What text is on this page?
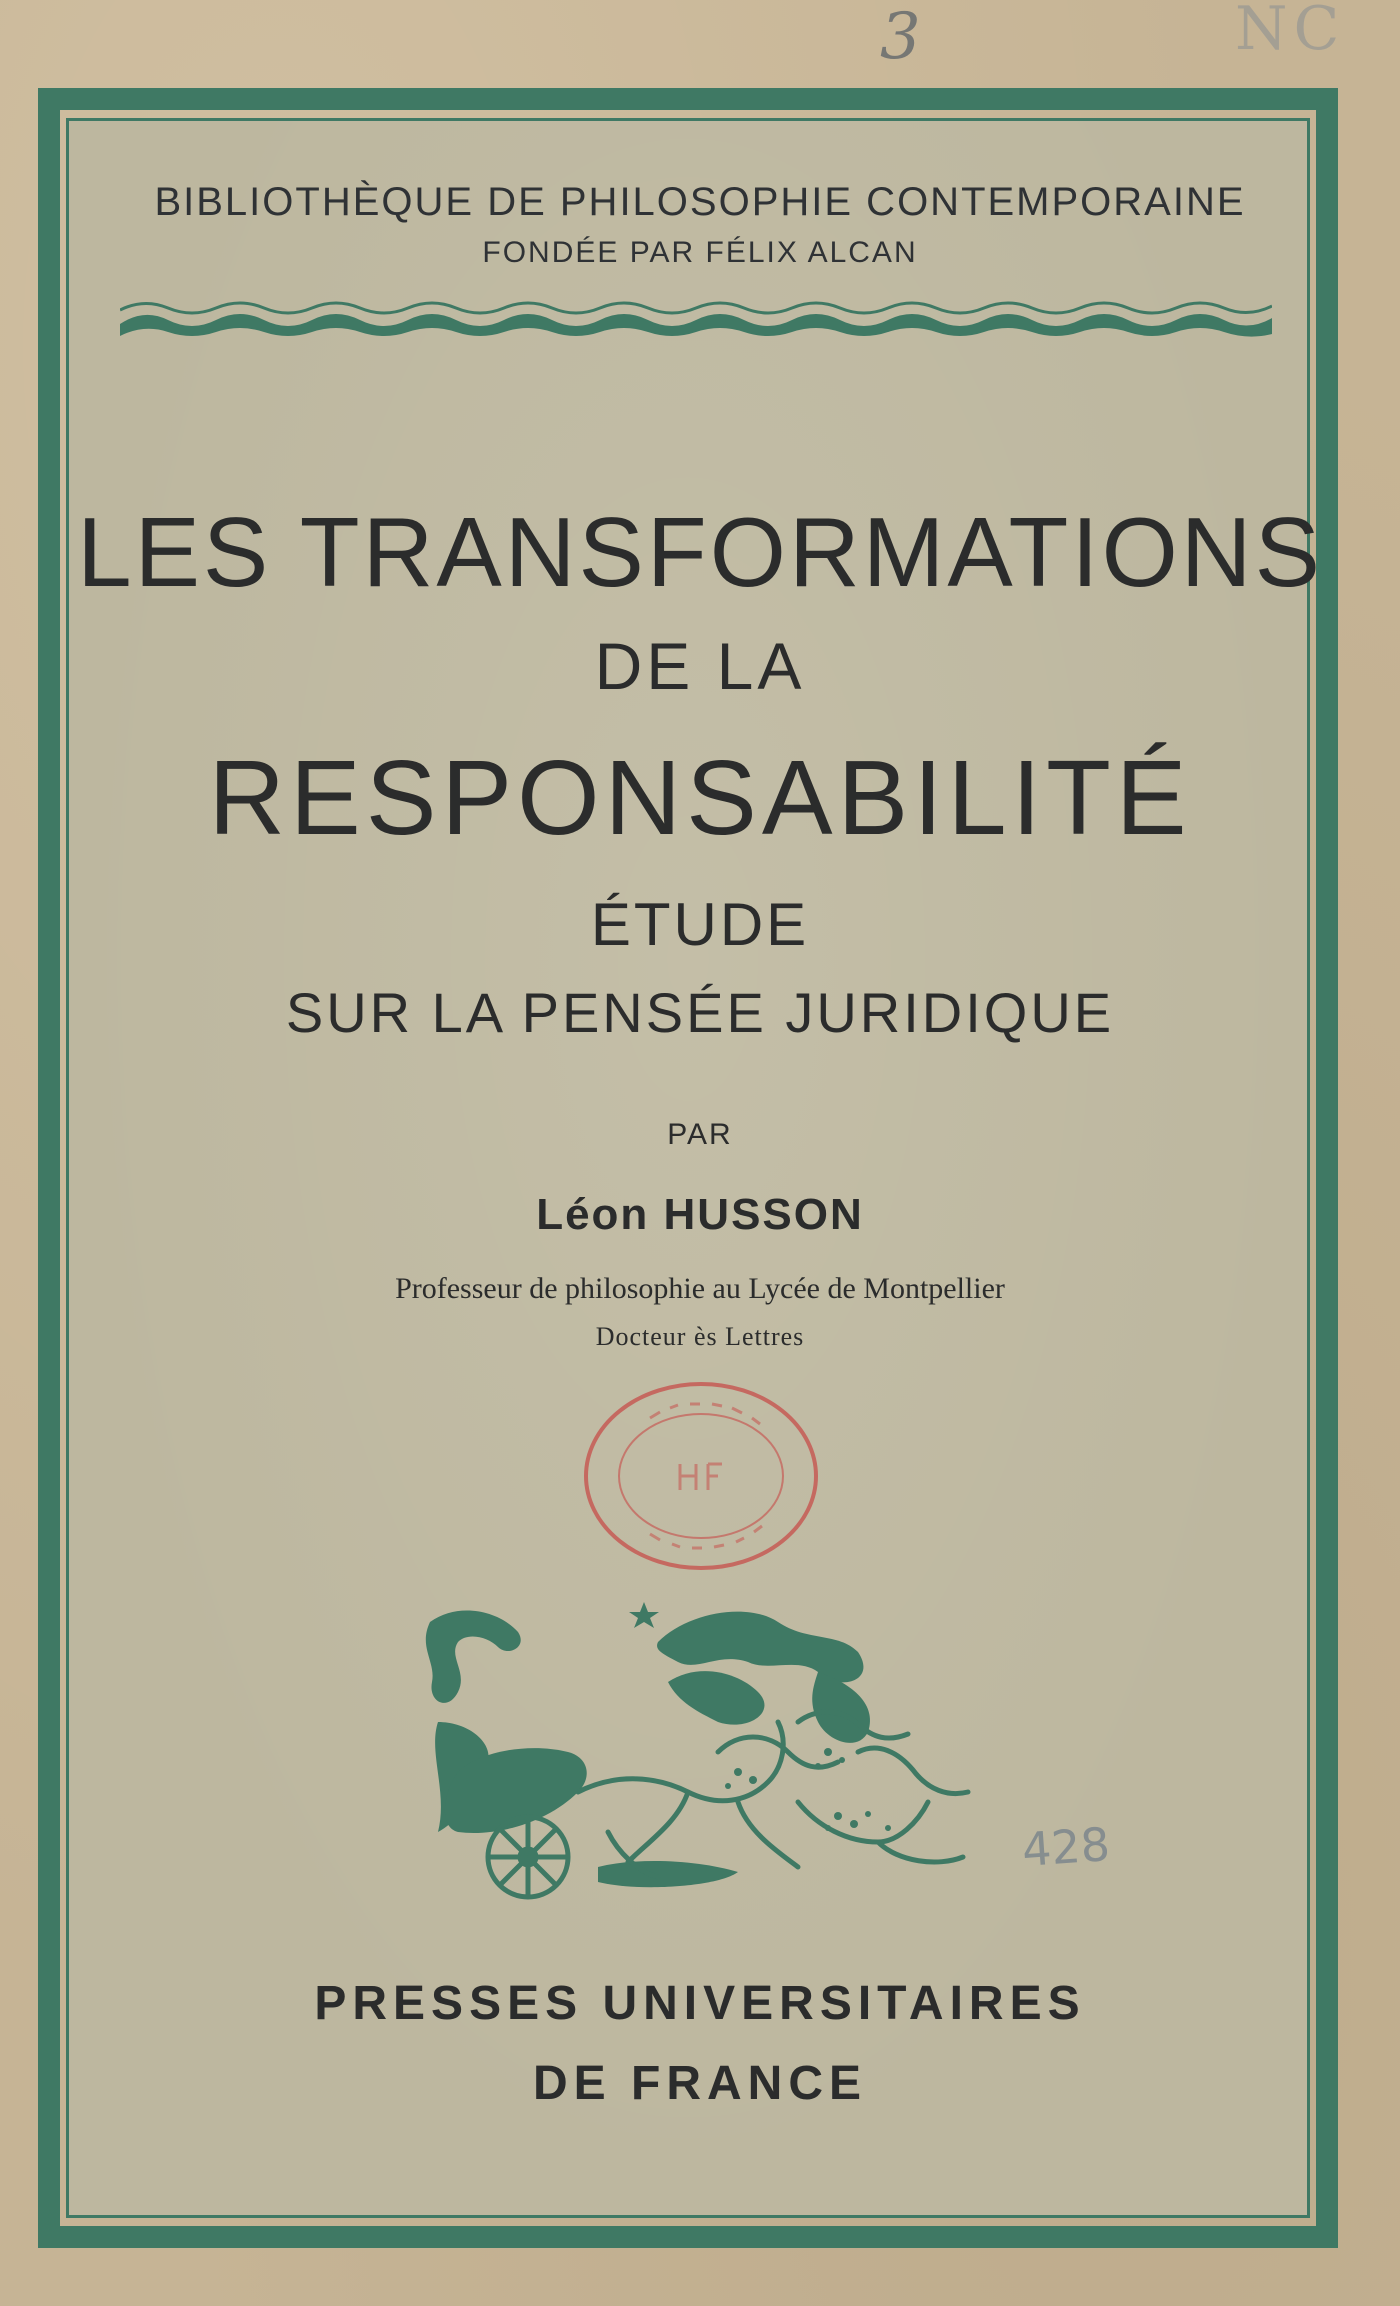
3	NC
BIBLIOTHÈQUE DE PHILOSOPHIE CONTEMPORAINE
FONDÉE PAR FÉLIX ALCAN
LES TRANSFORMATIONS
DE LA
RESPONSABILITÉ
ÉTUDE
SUR LA PENSÉE JURIDIQUE
PAR
Léon HUSSON
Professeur de philosophie au Lycée de Montpellier
Docteur ès Lettres
428
PRESSES UNIVERSITAIRES
DE FRANCE
